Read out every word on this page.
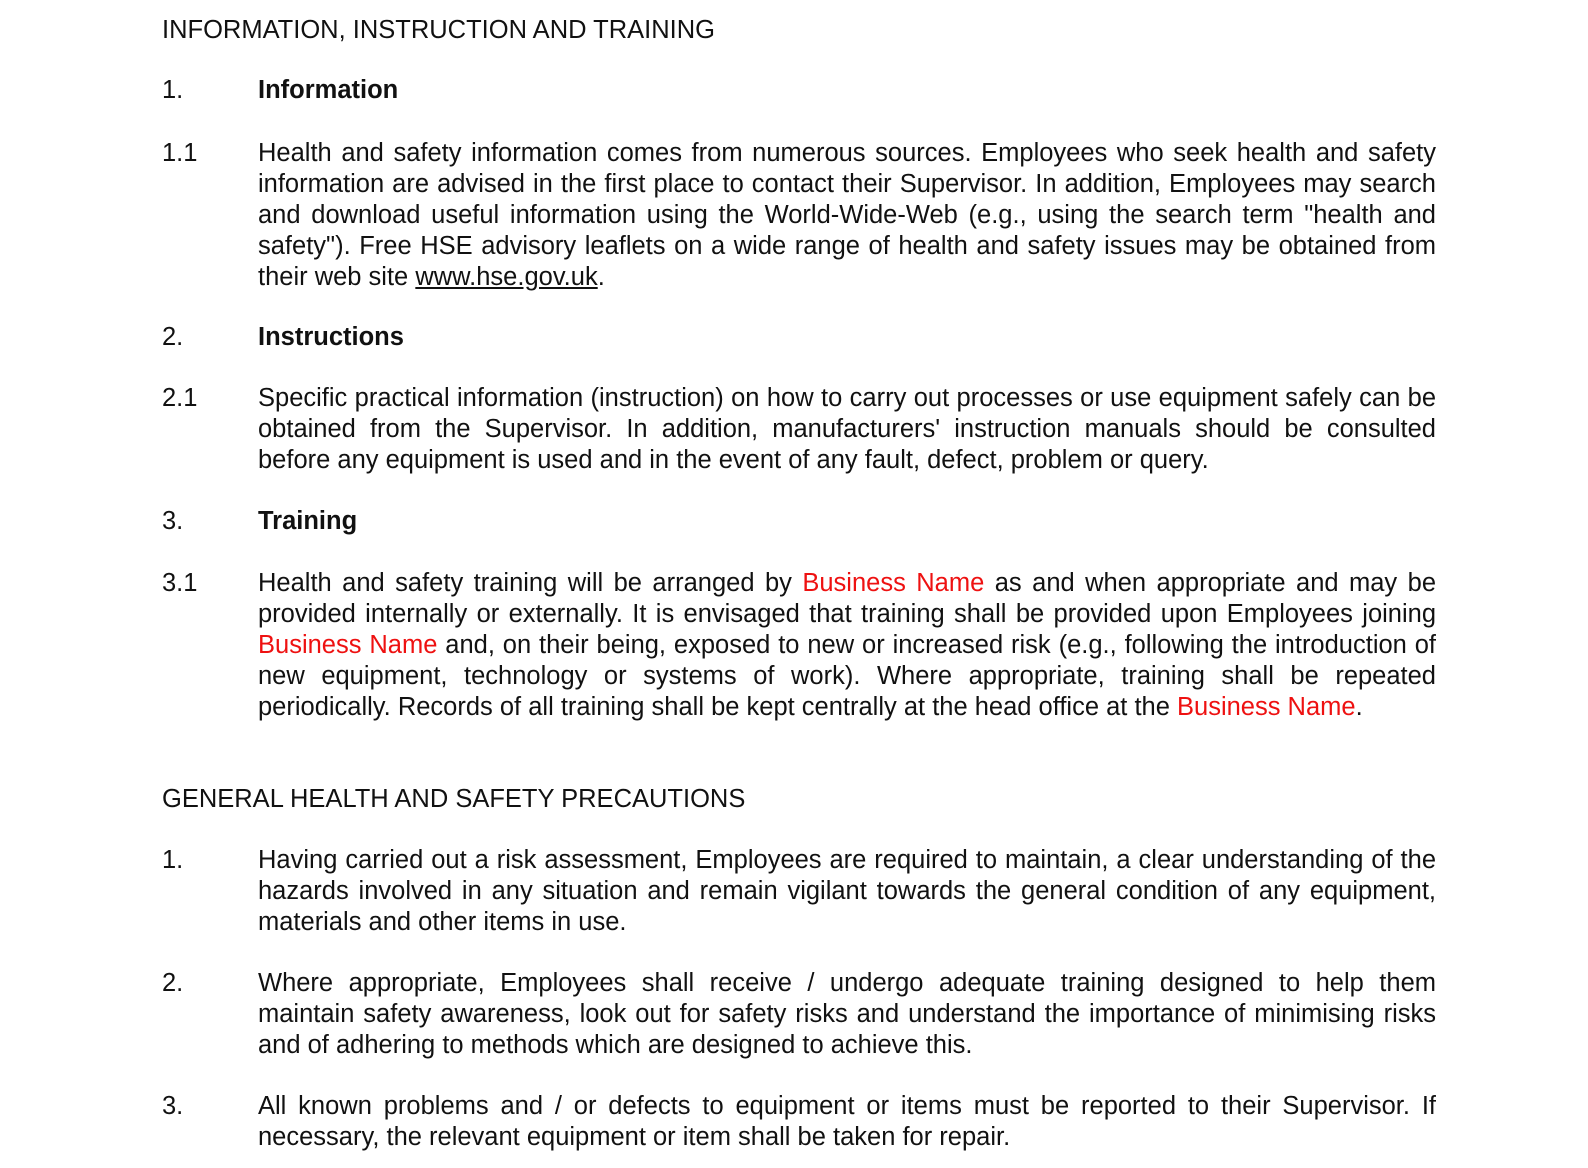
INFORMATION, INSTRUCTION AND TRAINING
1.	Information
1.1 Health and safety information comes from numerous sources. Employees who seek health and safety information are advised in the first place to contact their Supervisor. In addition, Employees may search and download useful information using the World-Wide-Web (e.g., using the search term "health and safety"). Free HSE advisory leaflets on a wide range of health and safety issues may be obtained from their web site www.hse.gov.uk.

2.	Instructions
2.1 Specific practical information (instruction) on how to carry out processes or use equipment safely can be obtained from the Supervisor. In addition, manufacturers' instruction manuals should be consulted before any equipment is used and in the event of any fault, defect, problem or query.

3.	Training
3.1 Health and safety training will be arranged by Business Name as and when appropriate and may be provided internally or externally. It is envisaged that training shall be provided upon Employees joining Business Name and, on their being, exposed to new or increased risk (e.g., following the introduction of new equipment, technology or systems of work). Where appropriate, training shall be repeated periodically. Records of all training shall be kept centrally at the head office at the Business Name.

GENERAL HEALTH AND SAFETY PRECAUTIONS
1.	Having carried out a risk assessment, Employees are required to maintain, a clear understanding of the hazards involved in any situation and remain vigilant towards the general condition of any equipment, materials and other items in use.

2.	Where appropriate, Employees shall receive / undergo adequate training designed to help them maintain safety awareness, look out for safety risks and understand the importance of minimising risks and of adhering to methods which are designed to achieve this.

3.	All known problems and / or defects to equipment or items must be reported to their Supervisor. If necessary, the relevant equipment or item shall be taken for repair.
